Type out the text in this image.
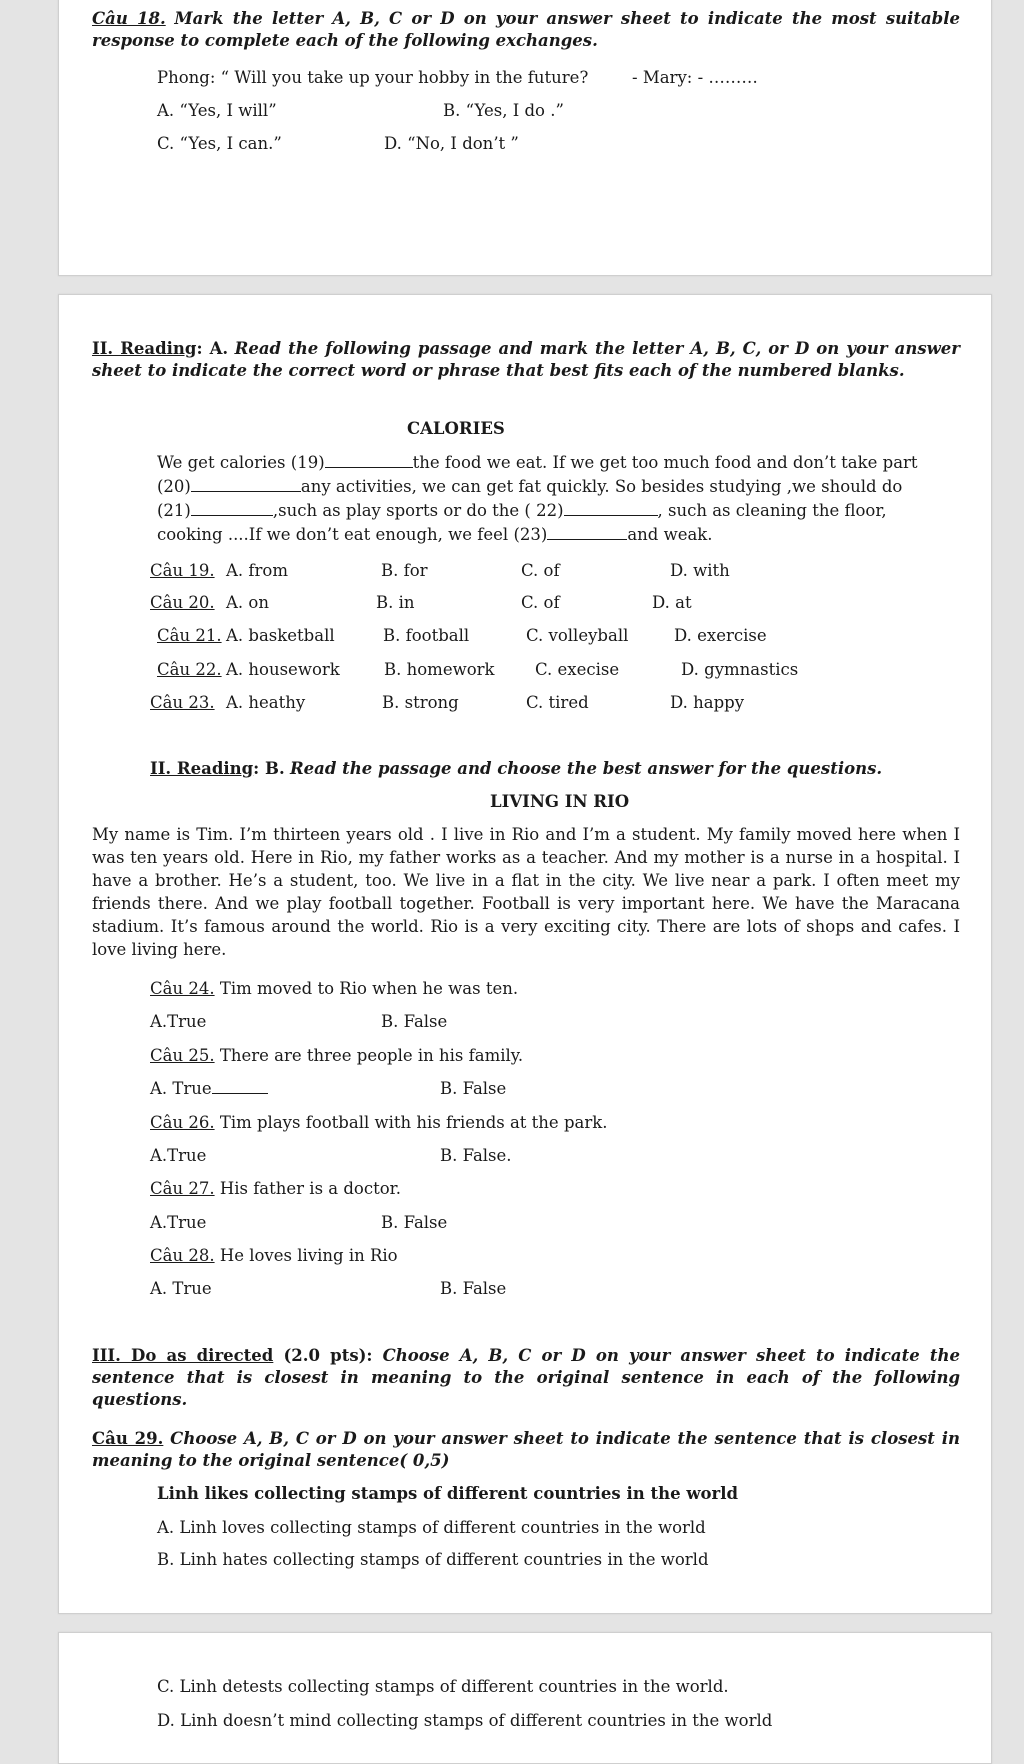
Câu 18. Mark the letter A, B, C or D on your answer sheet to indicate the most suitable response to complete each of the following exchanges.
Phong: “ Will you take up your hobby in the future?	- Mary: - ………
A. “Yes, I will”	B. “Yes, I do .”
C. “Yes, I can.”	D. “No, I don’t ”
II. Reading: A. Read the following passage and mark the letter A, B, C, or D on your answer sheet to indicate the correct word or phrase that best fits each of the numbered blanks.
CALORIES
We get calories (19)	the food we eat. If we get too much food and don’t take part
(20)	any activities, we can get fat quickly. So besides studying ,we should do
(21)	,such as play sports or do the ( 22)	, such as cleaning the floor,
cooking ....If we don’t eat enough, we feel (23)	and weak.
Câu 19. A. from	B. for	C. of	D. with
Câu 20. A. on	B. in	C. of	D. at
Câu 21. A. basketball	B. football	C. volleyball	D. exercise
Câu 22. A. housework	B. homework C. execise	D. gymnastics
Câu 23. A. heathy	B. strong	C. tired	D. happy
II. Reading: B. Read the passage and choose the best answer for the questions.
LIVING IN RIO
My name is Tim. I’m thirteen years old . I live in Rio and I’m a student. My family moved here when I was ten years old. Here in Rio, my father works as a teacher. And my mother is a nurse in a hospital. I have a brother. He’s a student, too. We live in a flat in the city. We live near a park. I often meet my friends there. And we play football together. Football is very important here. We have the Maracana stadium. It’s famous around the world. Rio is a very exciting city. There are lots of shops and cafes. I love living here.
Câu 24. Tim moved to Rio when he was ten.
A.True	B. False
Câu 25. There are three people in his family.
A. True	B. False
Câu 26. Tim plays football with his friends at the park.
A.True	B. False.
Câu 27. His father is a doctor.
A.True	B. False
Câu 28. He loves living in Rio
A. True	B. False
III. Do as directed (2.0 pts): Choose A, B, C or D on your answer sheet to indicate the sentence that is closest in meaning to the original sentence in each of the following questions.
Câu 29. Choose A, B, C or D on your answer sheet to indicate the sentence that is closest in meaning to the original sentence( 0,5)
Linh likes collecting stamps of different countries in the world
A. Linh loves collecting stamps of different countries in the world
B. Linh hates collecting stamps of different countries in the world
C. Linh detests collecting stamps of different countries in the world.
D. Linh doesn’t mind collecting stamps of different countries in the world
